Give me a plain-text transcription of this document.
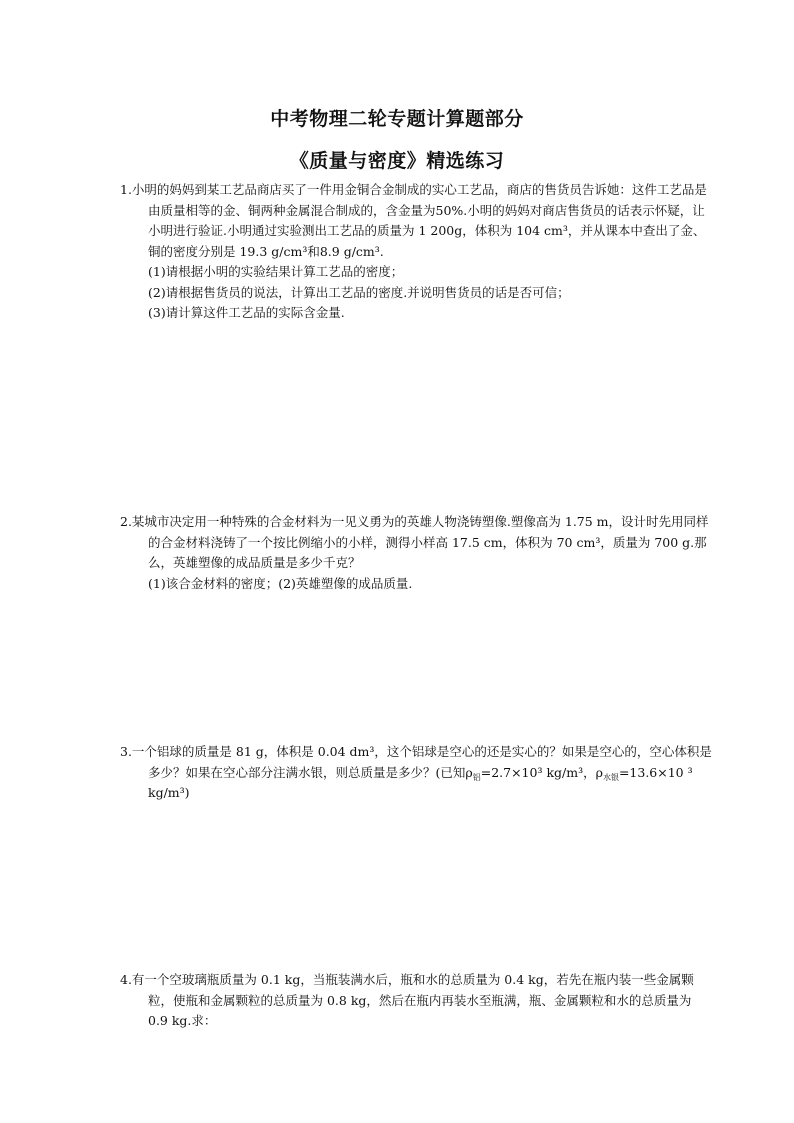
中考物理二轮专题计算题部分
《质量与密度》精选练习

1.小明的妈妈到某工艺品商店买了一件用金铜合金制成的实心工艺品，商店的售货员告诉她：这件工艺品是由质量相等的金、铜两种金属混合制成的，含金量为50%.小明的妈妈对商店售货员的话表示怀疑，让小明进行验证.小明通过实验测出工艺品的质量为 1 200g，体积为 104 cm³，并从课本中查出了金、铜的密度分别是 19.3 g/cm³和8.9 g/cm³.

(1)请根据小明的实验结果计算工艺品的密度；

(2)请根据售货员的说法，计算出工艺品的密度.并说明售货员的话是否可信；

(3)请计算这件工艺品的实际含金量.

2.某城市决定用一种特殊的合金材料为一见义勇为的英雄人物浇铸塑像.塑像高为 1.75 m，设计时先用同样的合金材料浇铸了一个按比例缩小的小样，测得小样高 17.5 cm，体积为 70 cm³，质量为 700 g.那么，英雄塑像的成品质量是多少千克？

(1)该合金材料的密度；(2)英雄塑像的成品质量.

3.一个铝球的质量是 81 g，体积是 0.04 dm³，这个铝球是空心的还是实心的？如果是空心的，空心体积是多少？如果在空心部分注满水银，则总质量是多少？(已知$\rho_铝=2.7\times 10^3$ kg/m³，$\rho_{水银}=13.6\times 10$ ³ kg/m³)

4.有一个空玻璃瓶质量为 0.1 kg，当瓶装满水后，瓶和水的总质量为 0.4 kg，若先在瓶内装一些金属颗粒，使瓶和金属颗粒的总质量为 0.8 kg，然后在瓶内再装水至瓶满，瓶、金属颗粒和水的总质量为 0.9 kg.求：
